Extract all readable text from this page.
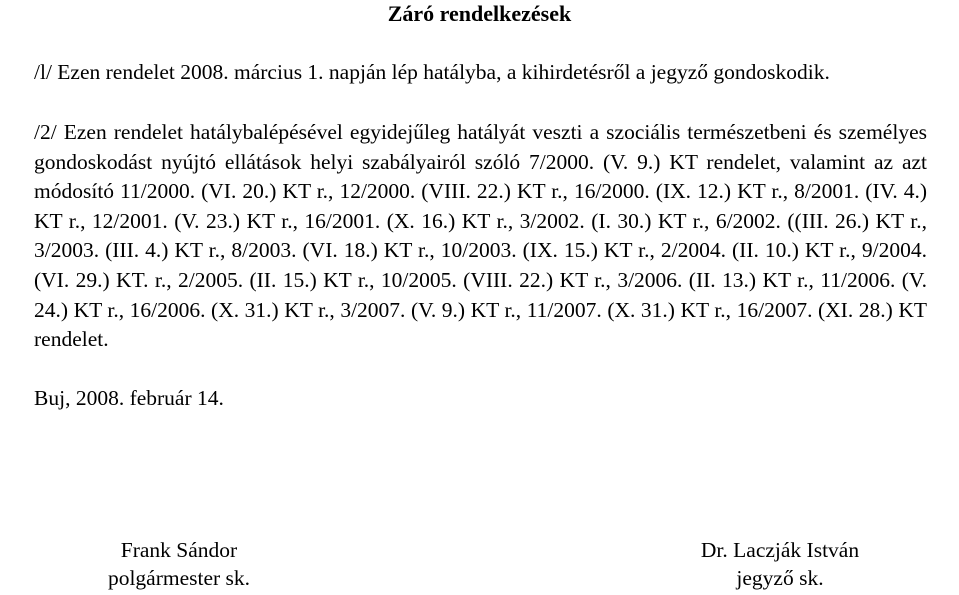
Záró rendelkezések
/l/ Ezen rendelet 2008. március 1. napján lép hatályba, a kihirdetésről a jegyző gondoskodik.
/2/ Ezen rendelet hatálybalépésével egyidejűleg hatályát veszti a szociális természetbeni és személyes gondoskodást nyújtó ellátások helyi szabályairól szóló 7/2000. (V. 9.) KT rendelet, valamint az azt módosító 11/2000. (VI. 20.) KT r., 12/2000. (VIII. 22.) KT r., 16/2000. (IX. 12.) KT r., 8/2001. (IV. 4.) KT r., 12/2001. (V. 23.) KT r., 16/2001. (X. 16.) KT r., 3/2002. (I. 30.) KT r., 6/2002. ((III. 26.) KT r., 3/2003. (III. 4.) KT r., 8/2003. (VI. 18.) KT r., 10/2003. (IX. 15.) KT r., 2/2004. (II. 10.) KT r., 9/2004. (VI. 29.) KT. r., 2/2005. (II. 15.) KT r., 10/2005. (VIII. 22.) KT r., 3/2006. (II. 13.) KT r., 11/2006. (V. 24.) KT r., 16/2006. (X. 31.) KT r., 3/2007. (V. 9.) KT r., 11/2007. (X. 31.) KT r., 16/2007. (XI. 28.) KT rendelet.
Buj, 2008. február 14.
Frank Sándor
polgármester sk.
Dr. Laczják István
jegyző sk.
